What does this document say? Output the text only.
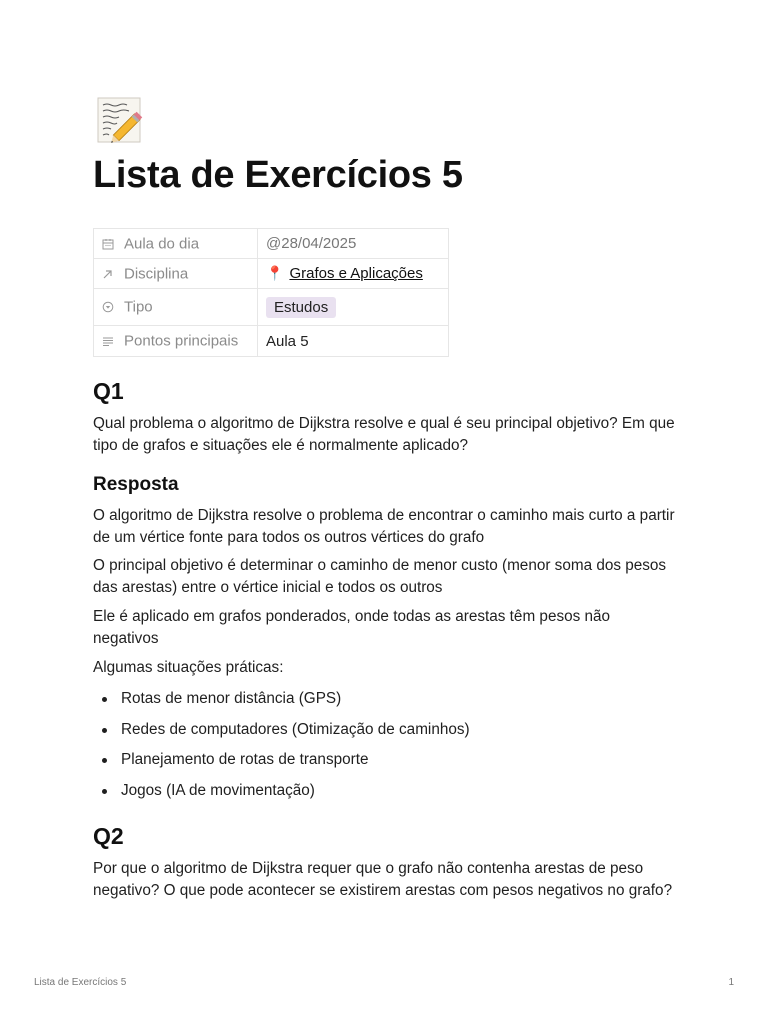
Lista de Exercícios 5
Aula do dia	@28/04/2025

Disciplina	📍 Grafos e Aplicações

Tipo	Estudos

Pontos principais	Aula 5
Q1

Qual problema o algoritmo de Dijkstra resolve e qual é seu principal objetivo? Em que tipo de grafos e situações ele é normalmente aplicado?

Resposta

O algoritmo de Dijkstra resolve o problema de encontrar o caminho mais curto a partir de um vértice fonte para todos os outros vértices do grafo

O principal objetivo é determinar o caminho de menor custo (menor soma dos pesos das arestas) entre o vértice inicial e todos os outros

Ele é aplicado em grafos ponderados, onde todas as arestas têm pesos não negativos

Algumas situações práticas:

Rotas de menor distância (GPS)
Redes de computadores (Otimização de caminhos)
Planejamento de rotas de transporte
Jogos (IA de movimentação)
Q2

Por que o algoritmo de Dijkstra requer que o grafo não contenha arestas de peso negativo? O que pode acontecer se existirem arestas com pesos negativos no grafo?

Lista de Exercícios 5	1
